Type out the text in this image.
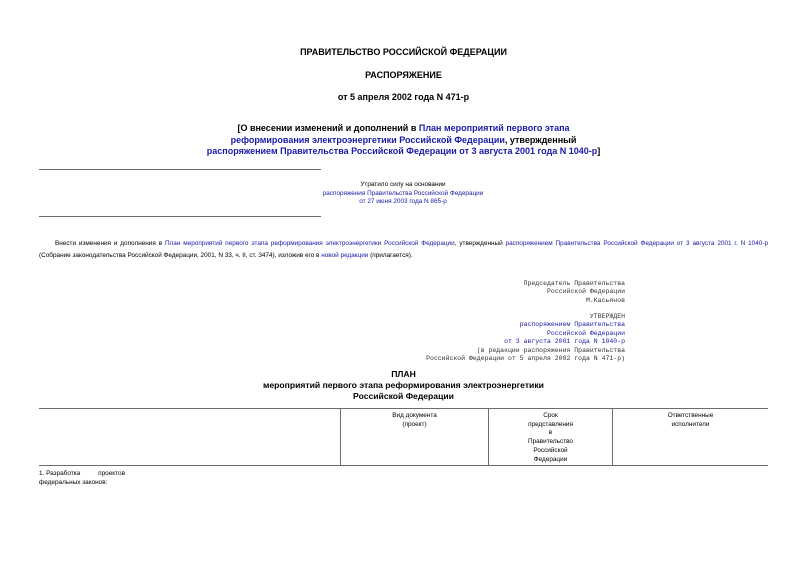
ПРАВИТЕЛЬСТВО РОССИЙСКОЙ ФЕДЕРАЦИИ
РАСПОРЯЖЕНИЕ
от 5 апреля 2002 года N 471-р
[О внесении изменений и дополнений в План мероприятий первого этапа
реформирования электроэнергетики Российской Федерации, утвержденный
распоряжением Правительства Российской Федерации от 3 августа 2001 года N 1040-р]
Утратило силу на основании
распоряжения Правительства Российской Федерации
от 27 июня 2003 года N 865-р
Внести изменения и дополнения в План мероприятий первого этапа реформирования электроэнергетики Российской Федерации, утвержденный распоряжением Правительства Российской Федерации от 3 августа 2001 г. N 1040-р (Собрание законодательства Российской Федерации, 2001, N 33, ч. II, ст. 3474), изложив его в новой редакции (прилагается).
Председатель Правительства
Российской Федерации
М.Касьянов
УТВЕРЖДЕН
распоряжением Правительства
Российской Федерации
от 3 августа 2001 года N 1040-р
(в редакции распоряжения Правительства
Российской Федерации от 5 апреля 2002 года N 471-р)
ПЛАН
мероприятий первого этапа реформирования электроэнергетики
Российской Федерации
Вид документа
(проект)
Срок
представления
в
Правительство
Российской
Федерации
Ответственные
исполнители
1. Разработка	проектов
федеральных законов:
